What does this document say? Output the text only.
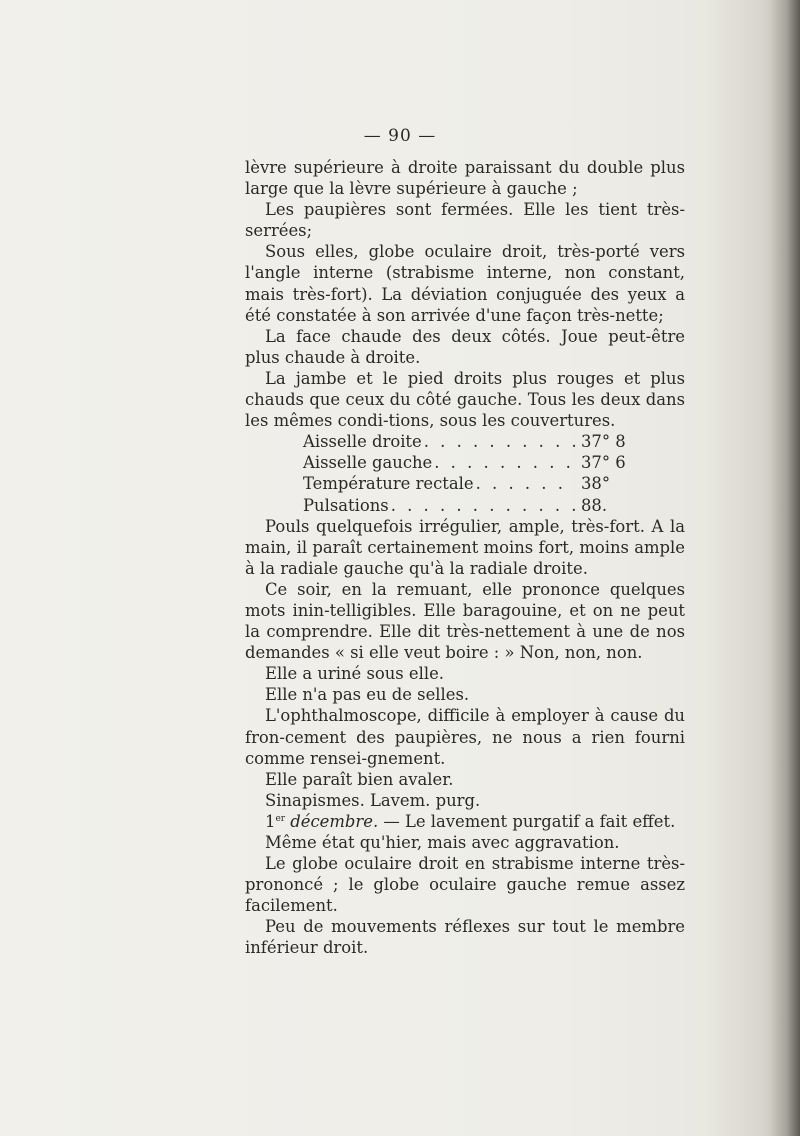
— 90 —

lèvre supérieure à droite paraissant du double plus large que la lèvre supérieure à gauche ;

Les paupières sont fermées. Elle les tient très-serrées;

Sous elles, globe oculaire droit, très-porté vers l'angle interne (strabisme interne, non constant, mais très-fort). La déviation conjuguée des yeux a été constatée à son arrivée d'une façon très-nette;

La face chaude des deux côtés. Joue peut-être plus chaude à droite.

La jambe et le pied droits plus rouges et plus chauds que ceux du côté gauche. Tous les deux dans les mêmes condi-tions, sous les couvertures.

Aisselle droite . . .	37° 8
Aisselle gauche . . .	37° 6
Température rectale . . .	38°
Pulsations . . .	88.

Pouls quelquefois irrégulier, ample, très-fort. A la main, il paraît certainement moins fort, moins ample à la radiale gauche qu'à la radiale droite.

Ce soir, en la remuant, elle prononce quelques mots inin-telligibles. Elle baragouine, et on ne peut la comprendre. Elle dit très-nettement à une de nos demandes « si elle veut boire : » Non, non, non.

Elle a uriné sous elle.

Elle n'a pas eu de selles.

L'ophthalmoscope, difficile à employer à cause du fron-cement des paupières, ne nous a rien fourni comme rensei-gnement.

Elle paraît bien avaler.

Sinapismes. Lavem. purg.

1er décembre. — Le lavement purgatif a fait effet.

Même état qu'hier, mais avec aggravation.

Le globe oculaire droit en strabisme interne très-prononcé ; le globe oculaire gauche remue assez facilement.

Peu de mouvements réflexes sur tout le membre inférieur droit.
